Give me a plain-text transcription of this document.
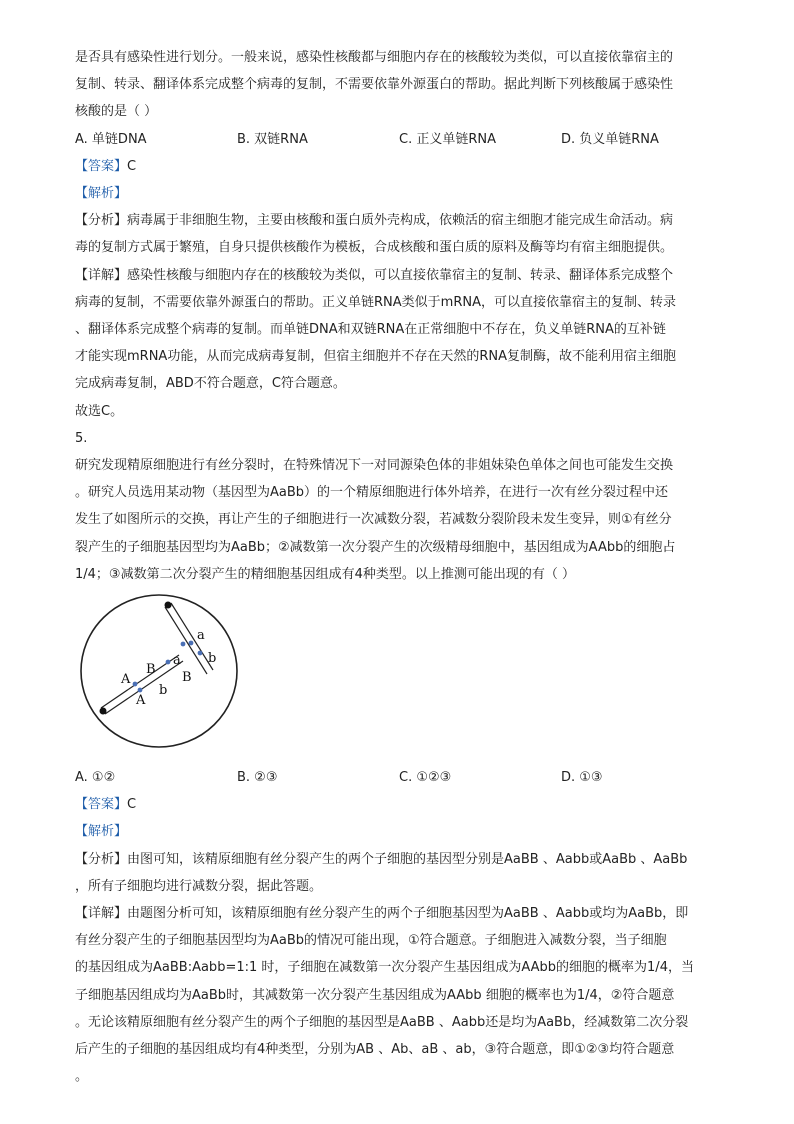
是否具有感染性进行划分。一般来说，感染性核酸都与细胞内存在的核酸较为类似，可以直接依靠宿主的

复制、转录、翻译体系完成整个病毒的复制，不需要依靠外源蛋白的帮助。据此判断下列核酸属于感染性

核酸的是（ ）

A. 单链DNA	B. 双链RNA	C. 正义单链RNA	D. 负义单链RNA

【答案】C

【解析】

【分析】病毒属于非细胞生物，主要由核酸和蛋白质外壳构成，依赖活的宿主细胞才能完成生命活动。病

毒的复制方式属于繁殖，自身只提供核酸作为模板，合成核酸和蛋白质的原料及酶等均有宿主细胞提供。

【详解】感染性核酸与细胞内存在的核酸较为类似，可以直接依靠宿主的复制、转录、翻译体系完成整个

病毒的复制，不需要依靠外源蛋白的帮助。正义单链RNA类似于mRNA，可以直接依靠宿主的复制、转录

、翻译体系完成整个病毒的复制。而单链DNA和双链RNA在正常细胞中不存在，负义单链RNA的互补链

才能实现mRNA功能，从而完成病毒复制，但宿主细胞并不存在天然的RNA复制酶，故不能利用宿主细胞

完成病毒复制，ABD不符合题意，C符合题意。

故选C。

5.

研究发现精原细胞进行有丝分裂时，在特殊情况下一对同源染色体的非姐妹染色单体之间也可能发生交换

。研究人员选用某动物（基因型为AaBb）的一个精原细胞进行体外培养，在进行一次有丝分裂过程中还

发生了如图所示的交换，再让产生的子细胞进行一次减数分裂，若减数分裂阶段未发生变异，则①有丝分

裂产生的子细胞基因型均为AaBb；②减数第一次分裂产生的次级精母细胞中，基因组成为AAbb的细胞占

1/4；③减数第二次分裂产生的精细胞基因组成有4种类型。以上推测可能出现的有（ ）

A
B
A
b
B
a
a
b
A. ①②	B. ②③	C. ①②③	D. ①③

【答案】C

【解析】

【分析】由图可知，该精原细胞有丝分裂产生的两个子细胞的基因型分别是AaBB 、Aabb或AaBb 、AaBb

，所有子细胞均进行减数分裂，据此答题。

【详解】由题图分析可知，该精原细胞有丝分裂产生的两个子细胞基因型为AaBB 、Aabb或均为AaBb，即

有丝分裂产生的子细胞基因型均为AaBb的情况可能出现，①符合题意。子细胞进入减数分裂，当子细胞

的基因组成为AaBB:Aabb=1:1 时，子细胞在减数第一次分裂产生基因组成为AAbb的细胞的概率为1/4，当

子细胞基因组成均为AaBb时，其减数第一次分裂产生基因组成为AAbb 细胞的概率也为1/4，②符合题意

。无论该精原细胞有丝分裂产生的两个子细胞的基因型是AaBB 、Aabb还是均为AaBb，经减数第二次分裂

后产生的子细胞的基因组成均有4种类型，分别为AB 、Ab、aB 、ab，③符合题意，即①②③均符合题意

。
